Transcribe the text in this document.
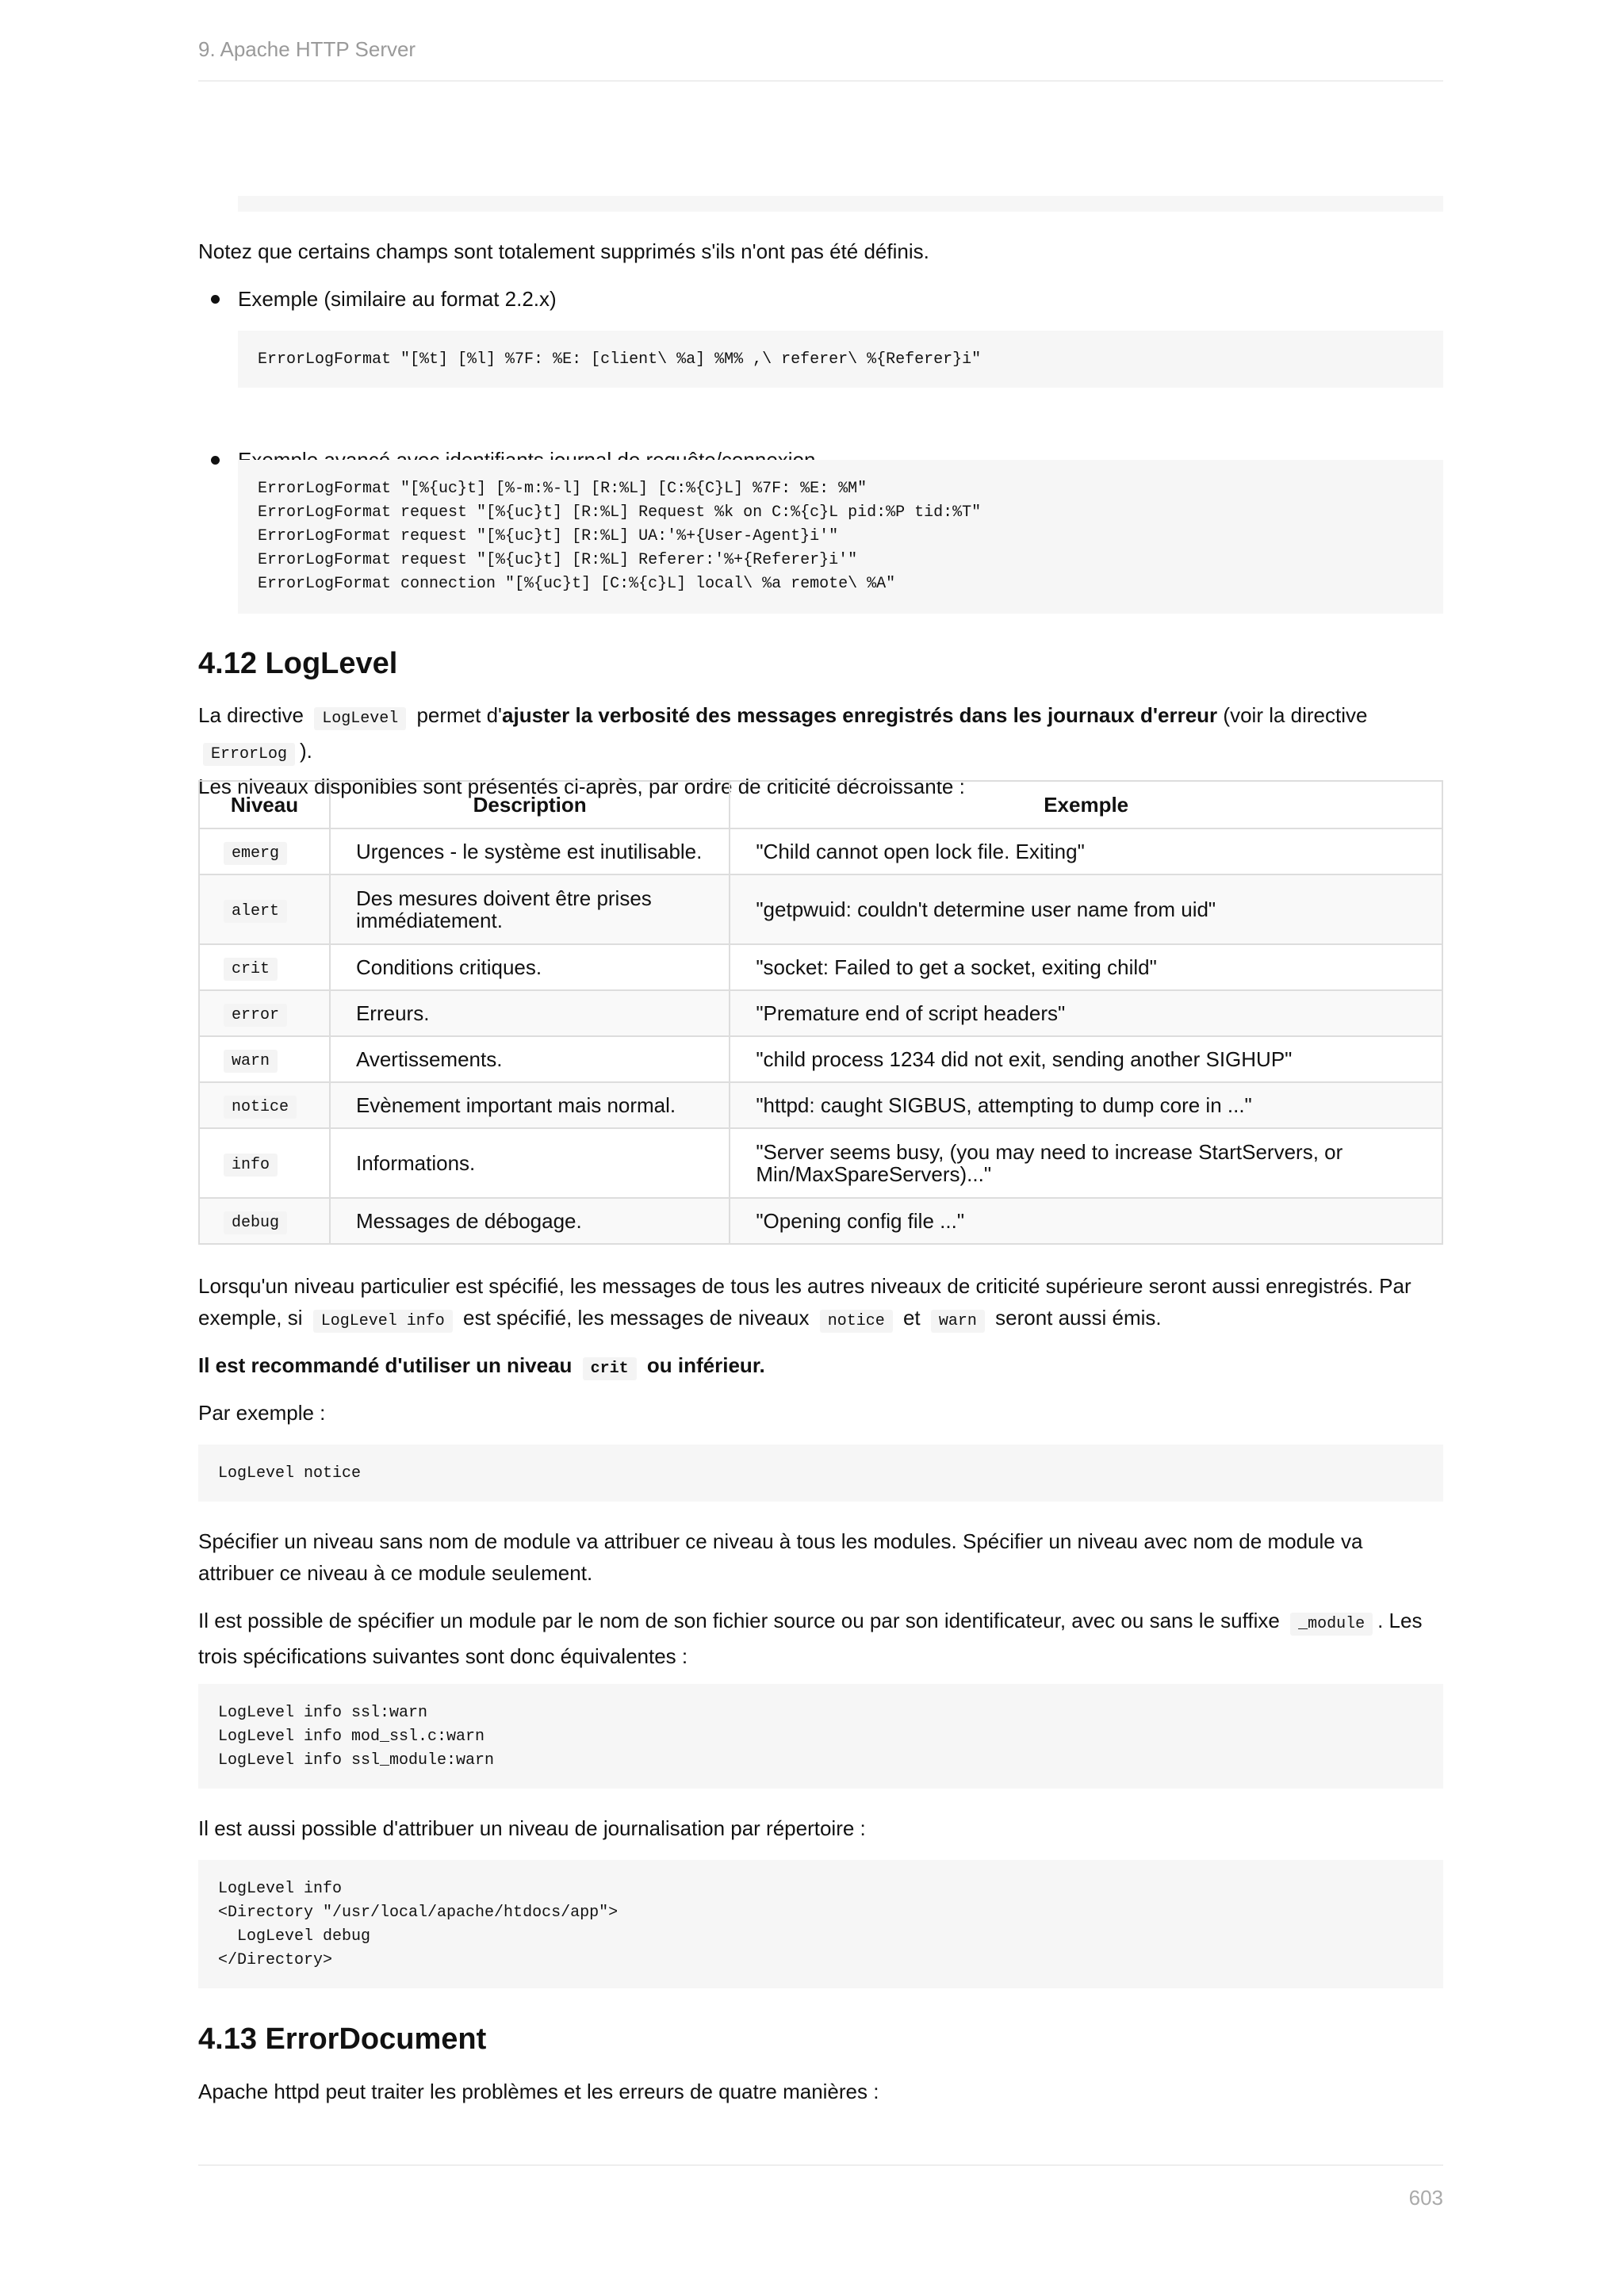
9. Apache HTTP Server

Notez que certains champs sont totalement supprimés s'ils n'ont pas été définis.

Exemple (similaire au format 2.2.x)

ErrorLogFormat "[%t] [%l] %7F: %E: [client\ %a] %M% ,\ referer\ %{Referer}i"

ErrorLogFormat "[%{uc}t] [%-m:%-l] [R:%L] [C:%{C}L] %7F: %E: %M"
ErrorLogFormat request "[%{uc}t] [R:%L] Request %k on C:%{c}L pid:%P tid:%T"
ErrorLogFormat request "[%{uc}t] [R:%L] UA:'%+{User-Agent}i'"
ErrorLogFormat request "[%{uc}t] [R:%L] Referer:'%+{Referer}i'"
ErrorLogFormat connection "[%{uc}t] [C:%{c}L] local\ %a remote\ %A"
4.12 LogLevel

La directive LogLevel permet d'ajuster la verbosité des messages enregistrés dans les journaux d'erreur (voir la directive ErrorLog ).
Les niveaux disponibles sont présentés ci-après, par ordre de criticité décroissante :

Niveau	Description	Exemple
emerg	Urgences - le système est inutilisable.	"Child cannot open lock file. Exiting"
alert	Des mesures doivent être prises immédiatement.	"getpwuid: couldn't determine user name from uid"
crit	Conditions critiques.	"socket: Failed to get a socket, exiting child"
error	Erreurs.	"Premature end of script headers"
warn	Avertissements.	"child process 1234 did not exit, sending another SIGHUP"
notice	Evènement important mais normal.	"httpd: caught SIGBUS, attempting to dump core in ..."
info	Informations.	"Server seems busy, (you may need to increase StartServers, or Min/MaxSpareServers)..."
debug	Messages de débogage.	"Opening config file ..."

Lorsqu'un niveau particulier est spécifié, les messages de tous les autres niveaux de criticité supérieure seront aussi enregistrés. Par exemple, si LogLevel info est spécifié, les messages de niveaux notice et warn seront aussi émis.

Il est recommandé d'utiliser un niveau crit ou inférieur.

Par exemple :

LogLevel notice

Spécifier un niveau sans nom de module va attribuer ce niveau à tous les modules. Spécifier un niveau avec nom de module va attribuer ce niveau à ce module seulement.

Il est possible de spécifier un module par le nom de son fichier source ou par son identificateur, avec ou sans le suffixe _module . Les trois spécifications suivantes sont donc équivalentes :

LogLevel info ssl:warn
LogLevel info mod_ssl.c:warn
LogLevel info ssl_module:warn

Il est aussi possible d'attribuer un niveau de journalisation par répertoire :

LogLevel info
<Directory "/usr/local/apache/htdocs/app">
LogLevel debug
</Directory>
4.13 ErrorDocument

Apache httpd peut traiter les problèmes et les erreurs de quatre manières :

603
